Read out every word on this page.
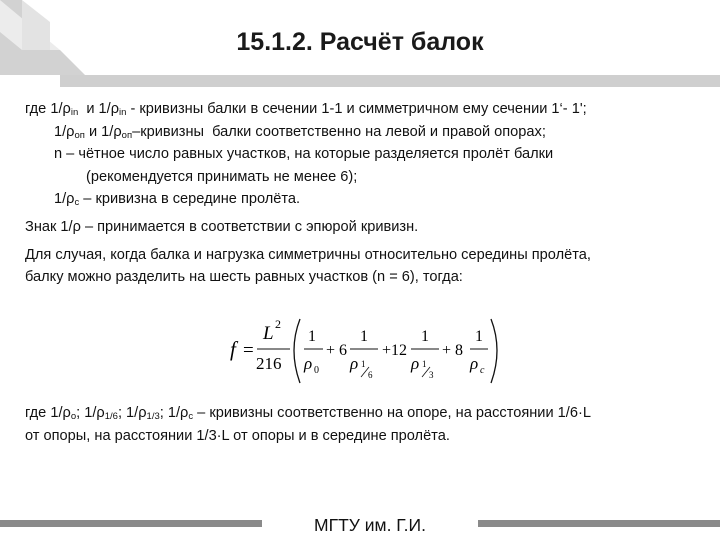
15.1.2. Расчёт балок
где $1/\rho_{in}$  и $1/\rho_{in}$ - кривизны балки в сечении 1-1 и симметричном ему сечении 1‘- 1';
$1/\rho_{оп}$ и $1/\rho_{оп}$–кривизны  балки соответственно на левой и правой опорах;
n – чётное число равных участков, на которые разделяется пролёт балки
(рекомендуется принимать не менее 6);
$1/\rho_с$ – кривизна в середине пролёта.
Знак 1/ρ – принимается в соответствии с эпюрой кривизн.
Для случая, когда балка и нагрузка симметричны относительно середины пролёта,
балку можно разделить на шесть равных участков (n = 6), тогда:
f =
L 2
216
1
ρ 0
+ 6
1
ρ 1
6
+12
1
ρ 1
3
+ 8
1
ρ c
где $1/\rho_о$; $1/\rho_{1/6}$; $1/\rho_{1/3}$; $1/\rho_с$ – кривизны соответственно на опоре, на расстоянии 1/6·L
от опоры, на расстоянии 1/3·L от опоры и в середине пролёта.
МГТУ им. Г.И.
